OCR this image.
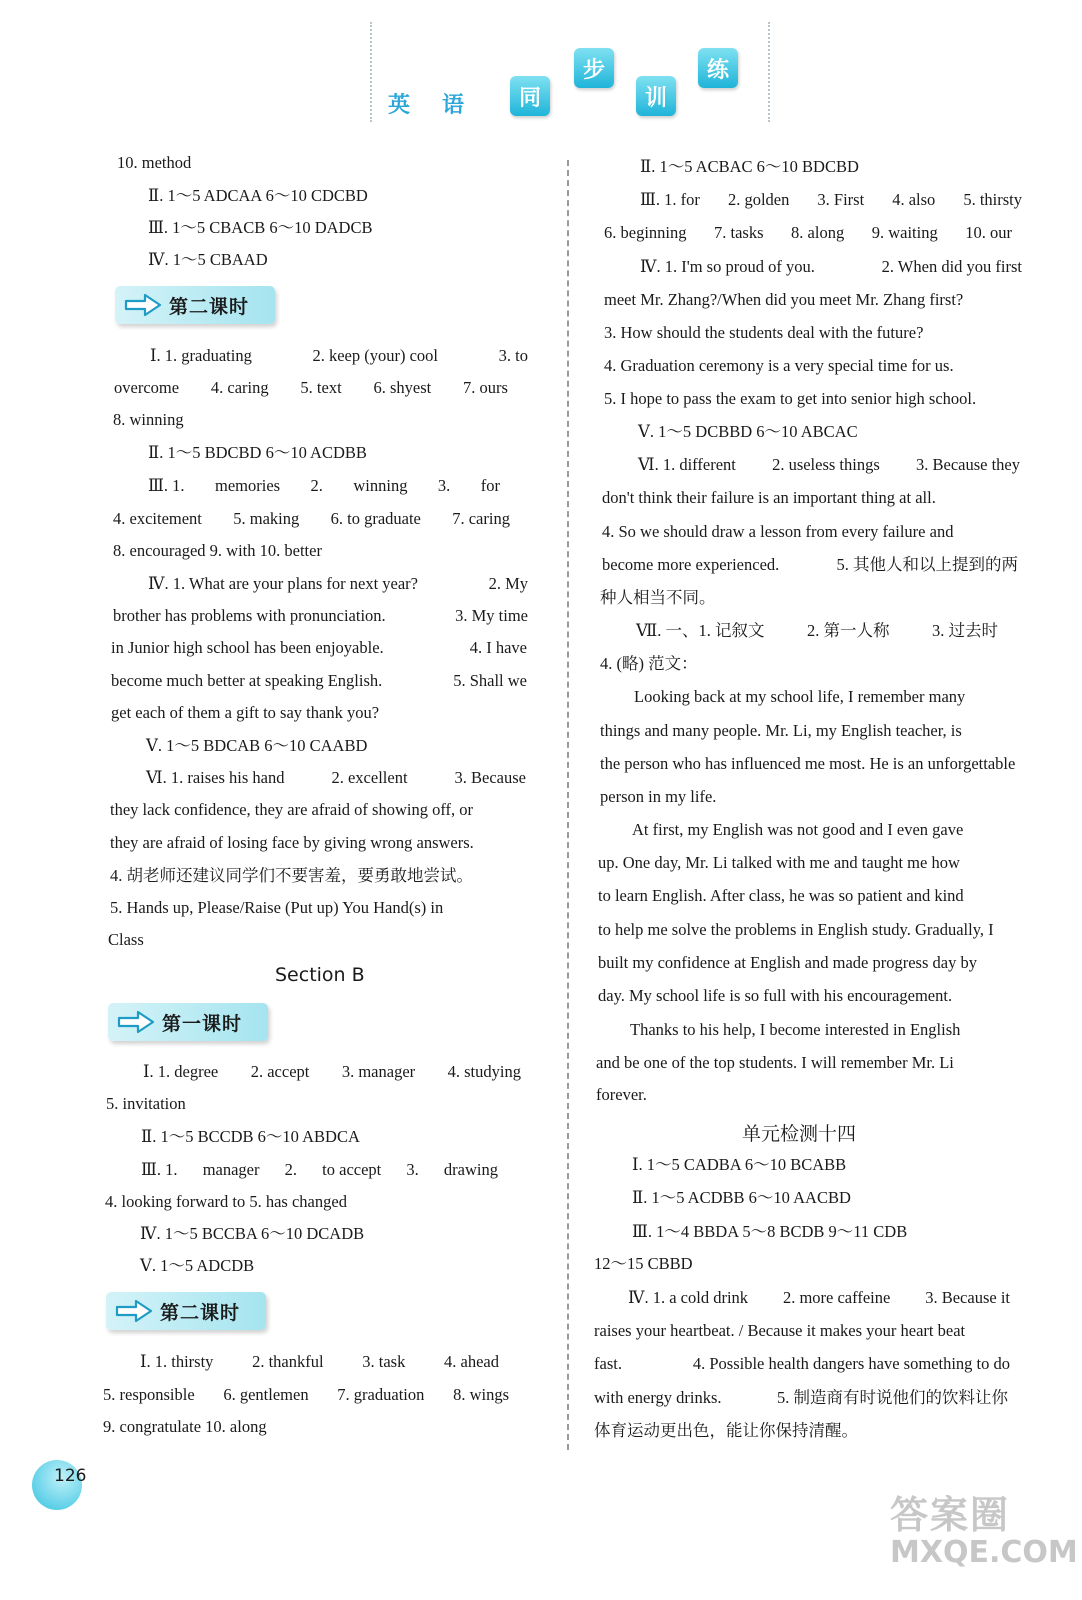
英 语	同
步
训
练
10. method
Ⅱ. 1～5 ADCAA 6～10 CDCBD
Ⅲ. 1～5 CBACB 6～10 DADCB
Ⅳ. 1～5 CBAAD
第二课时
Ⅰ. 1. graduating	2. keep (your) cool	3. to
overcome 4. caring 5. text 6. shyest 7. ours
8. winning
Ⅱ. 1～5 BDCBD 6～10 ACDBB
Ⅲ. 1. memories 2. winning 3. for
4. excitement 5. making 6. to graduate 7. caring
8. encouraged 9. with 10. better
Ⅳ. 1. What are your plans for next year?	2. My
brother has problems with pronunciation.	3. My time
in Junior high school has been enjoyable.	4. I have
become much better at speaking English.	5. Shall we
get each of them a gift to say thank you?
Ⅴ. 1～5 BDCAB 6～10 CAABD
Ⅵ. 1. raises his hand	2. excellent	3. Because
they lack confidence, they are afraid of showing off, or
they are afraid of losing face by giving wrong answers.
4. 胡老师还建议同学们不要害羞，要勇敢地尝试。
5. Hands up, Please/Raise (Put up) You Hand(s) in
Class
Section B
第一课时
Ⅰ. 1. degree 2. accept 3. manager 4. studying
5. invitation
Ⅱ. 1～5 BCCDB 6～10 ABDCA
Ⅲ. 1. manager 2. to accept 3. drawing
4. looking forward to 5. has changed
Ⅳ. 1～5 BCCBA 6～10 DCADB
Ⅴ. 1～5 ADCDB
第二课时
Ⅰ. 1. thirsty 2. thankful 3. task 4. ahead
5. responsible 6. gentlemen 7. graduation 8. wings
9. congratulate 10. along
Ⅱ. 1～5 ACBAC 6～10 BDCBD
Ⅲ. 1. for 2. golden 3. First 4. also 5. thirsty
6. beginning 7. tasks 8. along 9. waiting 10. our
Ⅳ. 1. I'm so proud of you.	2. When did you first
meet Mr. Zhang?/When did you meet Mr. Zhang first?
3. How should the students deal with the future?
4. Graduation ceremony is a very special time for us.
5. I hope to pass the exam to get into senior high school.
Ⅴ. 1～5 DCBBD 6～10 ABCAC
Ⅵ. 1. different 2. useless things 3. Because they
don't think their failure is an important thing at all.
4. So we should draw a lesson from every failure and
become more experienced.	5. 其他人和以上提到的两
种人相当不同。
Ⅶ. 一、1. 记叙文	2. 第一人称	3. 过去时
4. (略) 范文：
Looking back at my school life, I remember many
things and many people. Mr. Li, my English teacher, is
the person who has influenced me most. He is an unforgettable
person in my life.
At first, my English was not good and I even gave
up. One day, Mr. Li talked with me and taught me how
to learn English. After class, he was so patient and kind
to help me solve the problems in English study. Gradually, I
built my confidence at English and made progress day by
day. My school life is so full with his encouragement.
Thanks to his help, I become interested in English
and be one of the top students. I will remember Mr. Li
forever.
单元检测十四
Ⅰ. 1～5 CADBA 6～10 BCABB
Ⅱ. 1～5 ACDBB 6～10 AACBD
Ⅲ. 1～4 BBDA 5～8 BCDB 9～11 CDB
12～15 CBBD
Ⅳ. 1. a cold drink 2. more caffeine 3. Because it
raises your heartbeat. / Because it makes your heart beat
fast.	4. Possible health dangers have something to do
with energy drinks.	5. 制造商有时说他们的饮料让你
体育运动更出色，能让你保持清醒。
126
答案圈
MXQE.COM
